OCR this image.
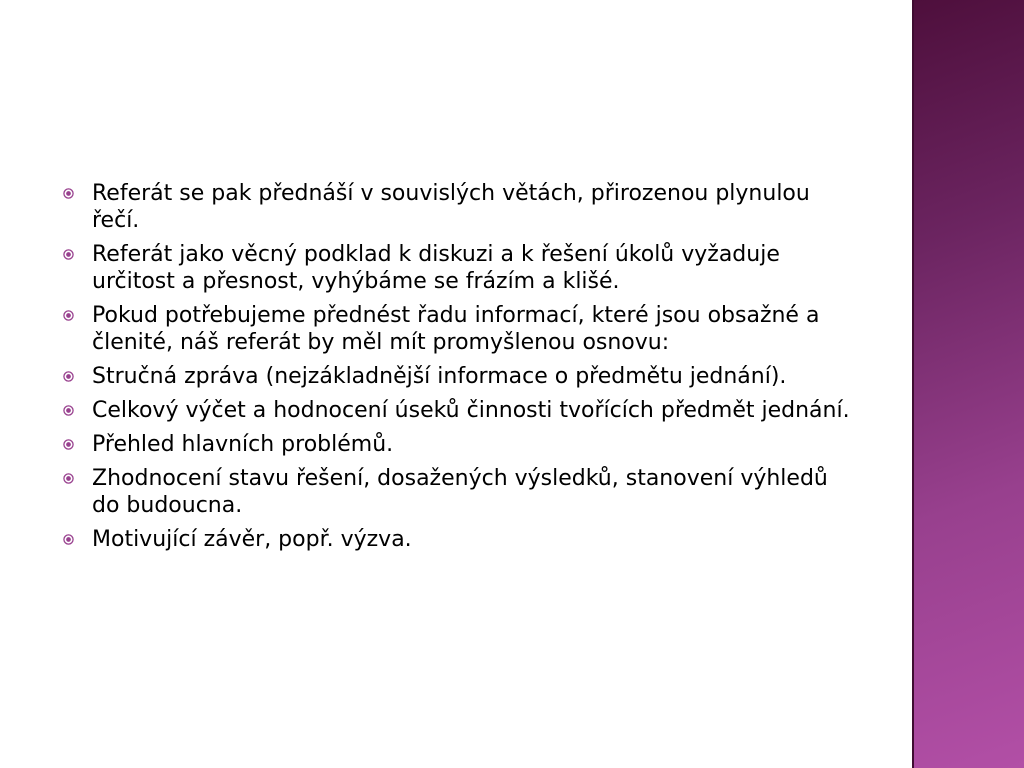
Referát se pak přednáší v souvislých větách, přirozenou plynulou řečí.
Referát jako věcný podklad k diskuzi a k řešení úkolů vyžaduje určitost a přesnost, vyhýbáme se frázím a klišé.
Pokud potřebujeme přednést řadu informací, které jsou obsažné a členité, náš referát by měl mít promyšlenou osnovu:
Stručná zpráva (nejzákladnější informace o předmětu jednání).
Celkový výčet a hodnocení úseků činnosti tvořících předmět jednání.
Přehled hlavních problémů.
Zhodnocení stavu řešení, dosažených výsledků, stanovení výhledů do budoucna.
Motivující závěr, popř. výzva.
